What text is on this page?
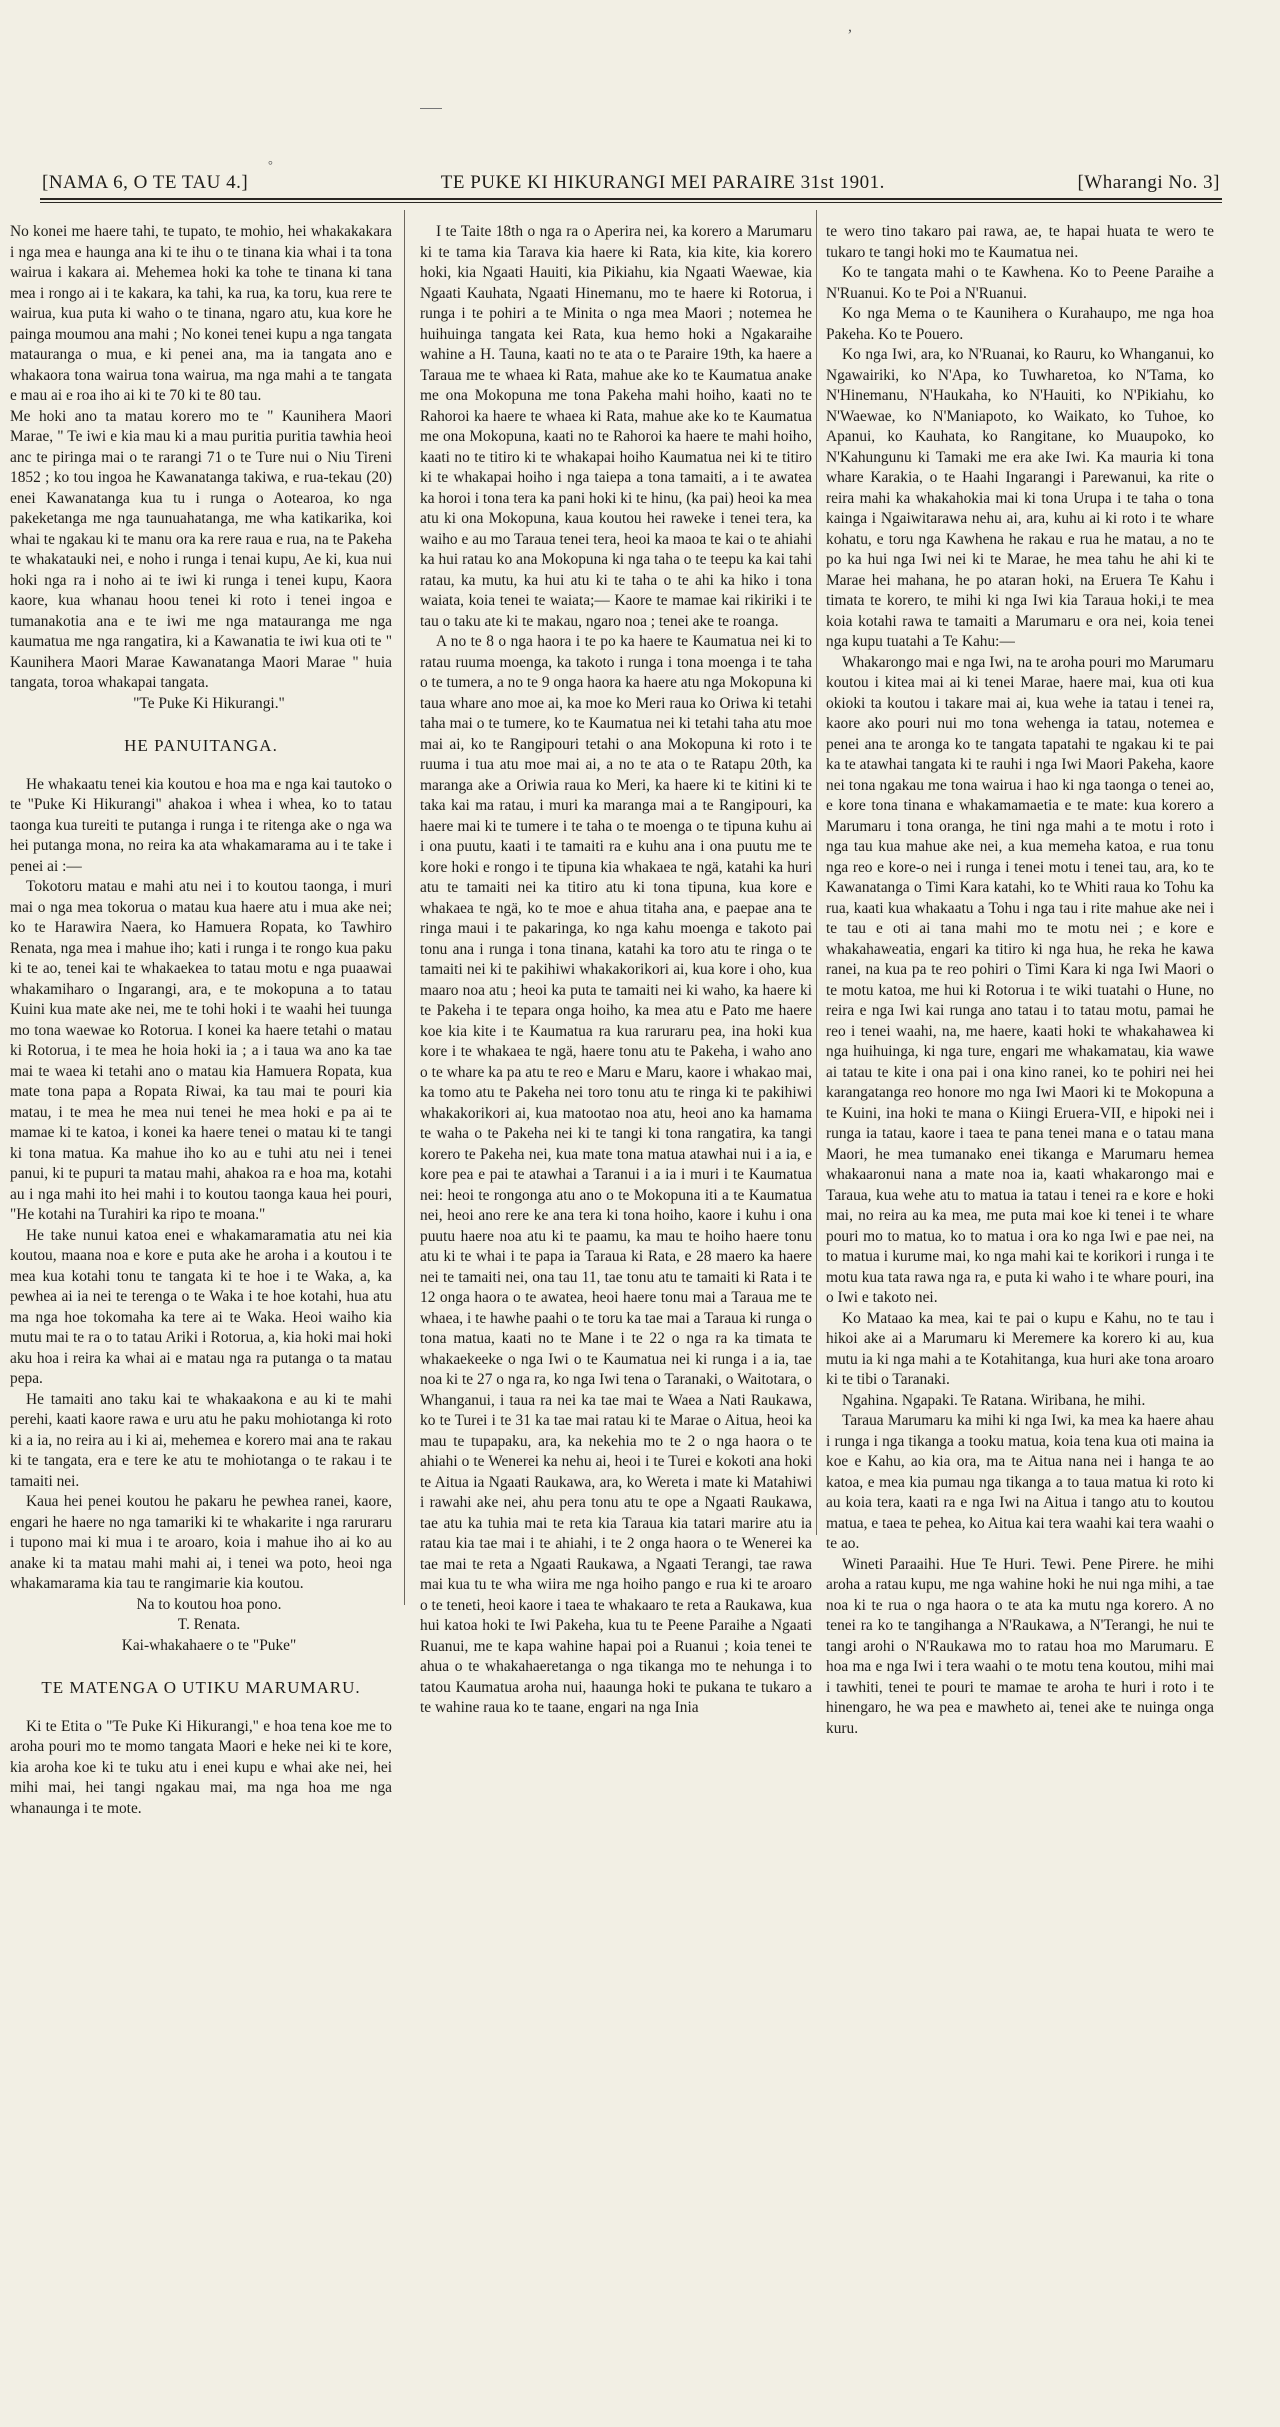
,
°
[NAMA 6, O TE TAU 4.]	TE PUKE KI HIKURANGI MEI PARAIRE 31st 1901.	[Wharangi No. 3]

No konei me haere tahi, te tupato, te mohio, hei whakakakara i nga mea e haunga ana ki te ihu o te tinana kia whai i ta tona wairua i kakara ai. Mehemea hoki ka tohe te tinana ki tana mea i rongo ai i te kakara, ka tahi, ka rua, ka toru, kua rere te wairua, kua puta ki waho o te tinana, ngaro atu, kua kore he painga moumou ana mahi ; No konei tenei kupu a nga tangata matauranga o mua, e ki penei ana, ma ia tangata ano e whakaora tona wairua tona wairua, ma nga mahi a te tangata e mau ai e roa iho ai ki te 70 ki te 80 tau.

Me hoki ano ta matau korero mo te " Kaunihera Maori Marae, " Te iwi e kia mau ki a mau puritia puritia tawhia heoi anc te piringa mai o te rarangi 71 o te Ture nui o Niu Tireni 1852 ; ko tou ingoa he Kawanatanga takiwa, e rua-tekau (20) enei Kawanatanga kua tu i runga o Aotearoa, ko nga pakeketanga me nga taunuahatanga, me wha katikarika, koi whai te ngakau ki te manu ora ka rere raua e rua, na te Pakeha te whakatauki nei, e noho i runga i tenai kupu, Ae ki, kua nui hoki nga ra i noho ai te iwi ki runga i tenei kupu, Kaora kaore, kua whanau hoou tenei ki roto i tenei ingoa e tumanakotia ana e te iwi me nga matauranga me nga kaumatua me nga rangatira, ki a Kawanatia te iwi kua oti te " Kaunihera Maori Marae Kawanatanga Maori Marae " huia tangata, toroa whakapai tangata.

"Te Puke Ki Hikurangi."

HE PANUITANGA.

He whakaatu tenei kia koutou e hoa ma e nga kai tautoko o te "Puke Ki Hikurangi" ahakoa i whea i whea, ko to tatau taonga kua tureiti te putanga i runga i te ritenga ake o nga wa hei putanga mona, no reira ka ata whakamarama au i te take i penei ai :—

Tokotoru matau e mahi atu nei i to koutou taonga, i muri mai o nga mea tokorua o matau kua haere atu i mua ake nei; ko te Harawira Naera, ko Hamuera Ropata, ko Tawhiro Renata, nga mea i mahue iho; kati i runga i te rongo kua paku ki te ao, tenei kai te whakaekea to tatau motu e nga puaawai whakamiharo o Ingarangi, ara, e te mokopuna a to tatau Kuini kua mate ake nei, me te tohi hoki i te waahi hei tuunga mo tona waewae ko Rotorua. I konei ka haere tetahi o matau ki Rotorua, i te mea he hoia hoki ia ; a i taua wa ano ka tae mai te waea ki tetahi ano o matau kia Hamuera Ropata, kua mate tona papa a Ropata Riwai, ka tau mai te pouri kia matau, i te mea he mea nui tenei he mea hoki e pa ai te mamae ki te katoa, i konei ka haere tenei o matau ki te tangi ki tona matua. Ka mahue iho ko au e tuhi atu nei i tenei panui, ki te pupuri ta matau mahi, ahakoa ra e hoa ma, kotahi au i nga mahi ito hei mahi i to koutou taonga kaua hei pouri, "He kotahi na Turahiri ka ripo te moana."

He take nunui katoa enei e whakamaramatia atu nei kia koutou, maana noa e kore e puta ake he aroha i a koutou i te mea kua kotahi tonu te tangata ki te hoe i te Waka, a, ka pewhea ai ia nei te terenga o te Waka i te hoe kotahi, hua atu ma nga hoe tokomaha ka tere ai te Waka. Heoi waiho kia mutu mai te ra o to tatau Ariki i Rotorua, a, kia hoki mai hoki aku hoa i reira ka whai ai e matau nga ra putanga o ta matau pepa.

He tamaiti ano taku kai te whakaakona e au ki te mahi perehi, kaati kaore rawa e uru atu he paku mohiotanga ki roto ki a ia, no reira au i ki ai, mehemea e korero mai ana te rakau ki te tangata, era e tere ke atu te mohiotanga o te rakau i te tamaiti nei.

Kaua hei penei koutou he pakaru he pewhea ranei, kaore, engari he haere no nga tamariki ki te whakarite i nga raruraru i tupono mai ki mua i te aroaro, koia i mahue iho ai ko au anake ki ta matau mahi mahi ai, i tenei wa poto, heoi nga whakamarama kia tau te rangimarie kia koutou.

Na to koutou hoa pono.

T. Renata.

Kai-whakahaere o te "Puke"

TE MATENGA O UTIKU MARUMARU.

Ki te Etita o "Te Puke Ki Hikurangi," e hoa tena koe me to aroha pouri mo te momo tangata Maori e heke nei ki te kore, kia aroha koe ki te tuku atu i enei kupu e whai ake nei, hei mihi mai, hei tangi ngakau mai, ma nga hoa me nga whanaunga i te mote.

I te Taite 18th o nga ra o Aperira nei, ka korero a Marumaru ki te tama kia Tarava kia haere ki Rata, kia kite, kia korero hoki, kia Ngaati Hauiti, kia Pikiahu, kia Ngaati Waewae, kia Ngaati Kauhata, Ngaati Hinemanu, mo te haere ki Rotorua, i runga i te pohiri a te Minita o nga mea Maori ; notemea he huihuinga tangata kei Rata, kua hemo hoki a Ngakaraihe wahine a H. Tauna, kaati no te ata o te Paraire 19th, ka haere a Taraua me te whaea ki Rata, mahue ake ko te Kaumatua anake me ona Mokopuna me tona Pakeha mahi hoiho, kaati no te Rahoroi ka haere te whaea ki Rata, mahue ake ko te Kaumatua me ona Mokopuna, kaati no te Rahoroi ka haere te mahi hoiho, kaati no te titiro ki te whakapai hoiho Kaumatua nei ki te titiro ki te whakapai hoiho i nga taiepa a tona tamaiti, a i te awatea ka horoi i tona tera ka pani hoki ki te hinu, (ka pai) heoi ka mea atu ki ona Mokopuna, kaua koutou hei raweke i tenei tera, ka waiho e au mo Taraua tenei tera, heoi ka maoa te kai o te ahiahi ka hui ratau ko ana Mokopuna ki nga taha o te teepu ka kai tahi ratau, ka mutu, ka hui atu ki te taha o te ahi ka hiko i tona waiata, koia tenei te waiata;— Kaore te mamae kai rikiriki i te tau o taku ate ki te makau, ngaro noa ; tenei ake te roanga.

A no te 8 o nga haora i te po ka haere te Kaumatua nei ki to ratau ruuma moenga, ka takoto i runga i tona moenga i te taha o te tumera, a no te 9 onga haora ka haere atu nga Mokopuna ki taua whare ano moe ai, ka moe ko Meri raua ko Oriwa ki tetahi taha mai o te tumere, ko te Kaumatua nei ki tetahi taha atu moe mai ai, ko te Rangipouri tetahi o ana Mokopuna ki roto i te ruuma i tua atu moe mai ai, a no te ata o te Ratapu 20th, ka maranga ake a Oriwia raua ko Meri, ka haere ki te kitini ki te taka kai ma ratau, i muri ka maranga mai a te Rangipouri, ka haere mai ki te tumere i te taha o te moenga o te tipuna kuhu ai i ona puutu, kaati i te tamaiti ra e kuhu ana i ona puutu me te kore hoki e rongo i te tipuna kia whakaea te ngä, katahi ka huri atu te tamaiti nei ka titiro atu ki tona tipuna, kua kore e whakaea te ngä, ko te moe e ahua titaha ana, e paepae ana te ringa maui i te pakaringa, ko nga kahu moenga e takoto pai tonu ana i runga i tona tinana, katahi ka toro atu te ringa o te tamaiti nei ki te pakihiwi whakakorikori ai, kua kore i oho, kua maaro noa atu ; heoi ka puta te tamaiti nei ki waho, ka haere ki te Pakeha i te tepara onga hoiho, ka mea atu e Pato me haere koe kia kite i te Kaumatua ra kua raruraru pea, ina hoki kua kore i te whakaea te ngä, haere tonu atu te Pakeha, i waho ano o te whare ka pa atu te reo e Maru e Maru, kaore i whakao mai, ka tomo atu te Pakeha nei toro tonu atu te ringa ki te pakihiwi whakakorikori ai, kua matootao noa atu, heoi ano ka hamama te waha o te Pakeha nei ki te tangi ki tona rangatira, ka tangi korero te Pakeha nei, kua mate tona matua atawhai nui i a ia, e kore pea e pai te atawhai a Taranui i a ia i muri i te Kaumatua nei: heoi te rongonga atu ano o te Mokopuna iti a te Kaumatua nei, heoi ano rere ke ana tera ki tona hoiho, kaore i kuhu i ona puutu haere noa atu ki te paamu, ka mau te hoiho haere tonu atu ki te whai i te papa ia Taraua ki Rata, e 28 maero ka haere nei te tamaiti nei, ona tau 11, tae tonu atu te tamaiti ki Rata i te 12 onga haora o te awatea, heoi haere tonu mai a Taraua me te whaea, i te hawhe paahi o te toru ka tae mai a Taraua ki runga o tona matua, kaati no te Mane i te 22 o nga ra ka timata te whakaekeeke o nga Iwi o te Kaumatua nei ki runga i a ia, tae noa ki te 27 o nga ra, ko nga Iwi tena o Taranaki, o Waitotara, o Whanganui, i taua ra nei ka tae mai te Waea a Nati Raukawa, ko te Turei i te 31 ka tae mai ratau ki te Marae o Aitua, heoi ka mau te tupapaku, ara, ka nekehia mo te 2 o nga haora o te ahiahi o te Wenerei ka nehu ai, heoi i te Turei e kokoti ana hoki te Aitua ia Ngaati Raukawa, ara, ko Wereta i mate ki Matahiwi i rawahi ake nei, ahu pera tonu atu te ope a Ngaati Raukawa, tae atu ka tuhia mai te reta kia Taraua kia tatari marire atu ia ratau kia tae mai i te ahiahi, i te 2 onga haora o te Wenerei ka tae mai te reta a Ngaati Raukawa, a Ngaati Terangi, tae rawa mai kua tu te wha wiira me nga hoiho pango e rua ki te aroaro o te teneti, heoi kaore i taea te whakaaro te reta a Raukawa, kua hui katoa hoki te Iwi Pakeha, kua tu te Peene Paraihe a Ngaati Ruanui, me te kapa wahine hapai poi a Ruanui ; koia tenei te ahua o te whakahaeretanga o nga tikanga mo te nehunga i to tatou Kaumatua aroha nui, haaunga hoki te pukana te tukaro a te wahine raua ko te taane, engari na nga Inia

te wero tino takaro pai rawa, ae, te hapai huata te wero te tukaro te tangi hoki mo te Kaumatua nei.

Ko te tangata mahi o te Kawhena. Ko to Peene Paraihe a N'Ruanui. Ko te Poi a N'Ruanui.

Ko nga Mema o te Kaunihera o Kurahaupo, me nga hoa Pakeha. Ko te Pouero.

Ko nga Iwi, ara, ko N'Ruanai, ko Rauru, ko Whanganui, ko Ngawairiki, ko N'Apa, ko Tuwharetoa, ko N'Tama, ko N'Hinemanu, N'Haukaha, ko N'Hauiti, ko N'Pikiahu, ko N'Waewae, ko N'Maniapoto, ko Waikato, ko Tuhoe, ko Apanui, ko Kauhata, ko Rangitane, ko Muaupoko, ko N'Kahungunu ki Tamaki me era ake Iwi. Ka mauria ki tona whare Karakia, o te Haahi Ingarangi i Parewanui, ka rite o reira mahi ka whakahokia mai ki tona Urupa i te taha o tona kainga i Ngaiwitarawa nehu ai, ara, kuhu ai ki roto i te whare kohatu, e toru nga Kawhena he rakau e rua he matau, a no te po ka hui nga Iwi nei ki te Marae, he mea tahu he ahi ki te Marae hei mahana, he po ataran hoki, na Eruera Te Kahu i timata te korero, te mihi ki nga Iwi kia Taraua hoki,i te mea koia kotahi rawa te tamaiti a Marumaru e ora nei, koia tenei nga kupu tuatahi a Te Kahu:—

Whakarongo mai e nga Iwi, na te aroha pouri mo Marumaru koutou i kitea mai ai ki tenei Marae, haere mai, kua oti kua okioki ta koutou i takare mai ai, kua wehe ia tatau i tenei ra, kaore ako pouri nui mo tona wehenga ia tatau, notemea e penei ana te aronga ko te tangata tapatahi te ngakau ki te pai ka te atawhai tangata ki te rauhi i nga Iwi Maori Pakeha, kaore nei tona ngakau me tona wairua i hao ki nga taonga o tenei ao, e kore tona tinana e whakamamaetia e te mate: kua korero a Marumaru i tona oranga, he tini nga mahi a te motu i roto i nga tau kua mahue ake nei, a kua memeha katoa, e rua tonu nga reo e kore-o nei i runga i tenei motu i tenei tau, ara, ko te Kawanatanga o Timi Kara katahi, ko te Whiti raua ko Tohu ka rua, kaati kua whakaatu a Tohu i nga tau i rite mahue ake nei i te tau e oti ai tana mahi mo te motu nei ; e kore e whakahaweatia, engari ka titiro ki nga hua, he reka he kawa ranei, na kua pa te reo pohiri o Timi Kara ki nga Iwi Maori o te motu katoa, me hui ki Rotorua i te wiki tuatahi o Hune, no reira e nga Iwi kai runga ano tatau i to tatau motu, pamai he reo i tenei waahi, na, me haere, kaati hoki te whakahawea ki nga huihuinga, ki nga ture, engari me whakamatau, kia wawe ai tatau te kite i ona pai i ona kino ranei, ko te pohiri nei hei karangatanga reo honore mo nga Iwi Maori ki te Mokopuna a te Kuini, ina hoki te mana o Kiingi Eruera-VII, e hipoki nei i runga ia tatau, kaore i taea te pana tenei mana e o tatau mana Maori, he mea tumanako enei tikanga e Marumaru hemea whakaaronui nana a mate noa ia, kaati whakarongo mai e Taraua, kua wehe atu to matua ia tatau i tenei ra e kore e hoki mai, no reira au ka mea, me puta mai koe ki tenei i te whare pouri mo to matua, ko to matua i ora ko nga Iwi e pae nei, na to matua i kurume mai, ko nga mahi kai te korikori i runga i te motu kua tata rawa nga ra, e puta ki waho i te whare pouri, ina o Iwi e takoto nei.

Ko Mataao ka mea, kai te pai o kupu e Kahu, no te tau i hikoi ake ai a Marumaru ki Meremere ka korero ki au, kua mutu ia ki nga mahi a te Kotahitanga, kua huri ake tona aroaro ki te tibi o Taranaki.

Ngahina. Ngapaki. Te Ratana. Wiribana, he mihi.

Taraua Marumaru ka mihi ki nga Iwi, ka mea ka haere ahau i runga i nga tikanga a tooku matua, koia tena kua oti maina ia koe e Kahu, ao kia ora, ma te Aitua nana nei i hanga te ao katoa, e mea kia pumau nga tikanga a to taua matua ki roto ki au koia tera, kaati ra e nga Iwi na Aitua i tango atu to koutou matua, e taea te pehea, ko Aitua kai tera waahi kai tera waahi o te ao.

Wineti Paraaihi. Hue Te Huri. Tewi. Pene Pirere. he mihi aroha a ratau kupu, me nga wahine hoki he nui nga mihi, a tae noa ki te rua o nga haora o te ata ka mutu nga korero. A no tenei ra ko te tangihanga a N'Raukawa, a N'Terangi, he nui te tangi arohi o N'Raukawa mo to ratau hoa mo Marumaru. E hoa ma e nga Iwi i tera waahi o te motu tena koutou, mihi mai i tawhiti, tenei te pouri te mamae te aroha te huri i roto i te hinengaro, he wa pea e mawheto ai, tenei ake te nuinga onga kuru.
